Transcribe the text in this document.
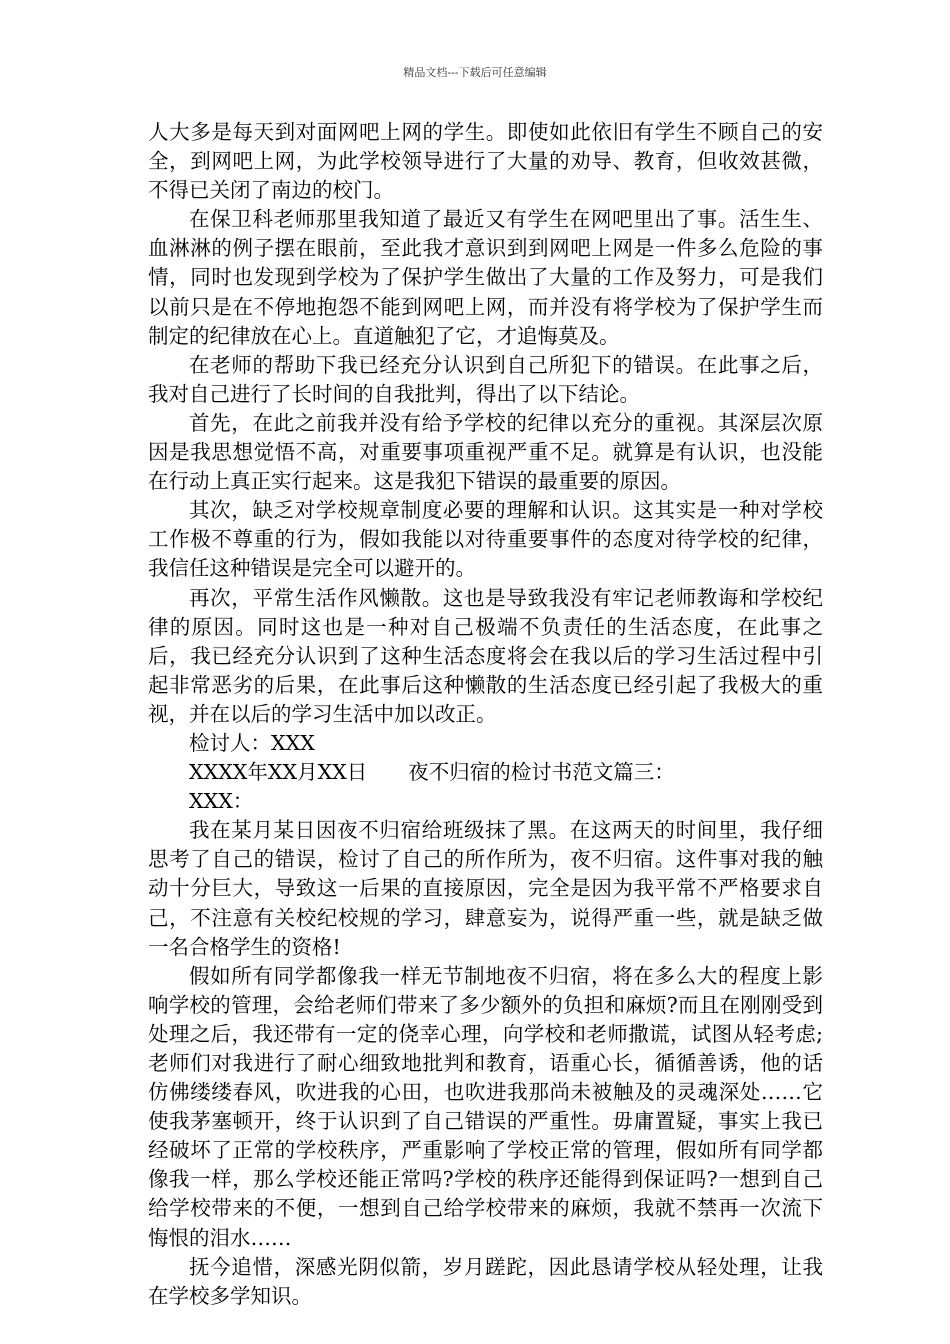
精品文档---下载后可任意编辑

人大多是每天到对面网吧上网的学生。即使如此依旧有学生不顾自己的安全，到网吧上网，为此学校领导进行了大量的劝导、教育，但收效甚微，不得已关闭了南边的校门。

在保卫科老师那里我知道了最近又有学生在网吧里出了事。活生生、血淋淋的例子摆在眼前，至此我才意识到到网吧上网是一件多么危险的事情，同时也发现到学校为了保护学生做出了大量的工作及努力，可是我们以前只是在不停地抱怨不能到网吧上网，而并没有将学校为了保护学生而制定的纪律放在心上。直道触犯了它，才追悔莫及。

在老师的帮助下我已经充分认识到自己所犯下的错误。在此事之后，我对自己进行了长时间的自我批判，得出了以下结论。

首先，在此之前我并没有给予学校的纪律以充分的重视。其深层次原因是我思想觉悟不高，对重要事项重视严重不足。就算是有认识，也没能在行动上真正实行起来。这是我犯下错误的最重要的原因。

其次，缺乏对学校规章制度必要的理解和认识。这其实是一种对学校工作极不尊重的行为，假如我能以对待重要事件的态度对待学校的纪律，我信任这种错误是完全可以避开的。

再次，平常生活作风懒散。这也是导致我没有牢记老师教诲和学校纪律的原因。同时这也是一种对自己极端不负责任的生活态度，在此事之后，我已经充分认识到了这种生活态度将会在我以后的学习生活过程中引起非常恶劣的后果，在此事后这种懒散的生活态度已经引起了我极大的重视，并在以后的学习生活中加以改正。

检讨人：XXX

XXXX年XX月XX日　　夜不归宿的检讨书范文篇三：

XXX：

我在某月某日因夜不归宿给班级抹了黑。在这两天的时间里，我仔细思考了自己的错误，检讨了自己的所作所为，夜不归宿。这件事对我的触动十分巨大，导致这一后果的直接原因，完全是因为我平常不严格要求自己，不注意有关校纪校规的学习，肆意妄为，说得严重一些，就是缺乏做一名合格学生的资格!

假如所有同学都像我一样无节制地夜不归宿，将在多么大的程度上影响学校的管理，会给老师们带来了多少额外的负担和麻烦?而且在刚刚受到处理之后，我还带有一定的侥幸心理，向学校和老师撒谎，试图从轻考虑;老师们对我进行了耐心细致地批判和教育，语重心长，循循善诱，他的话仿佛缕缕春风，吹进我的心田，也吹进我那尚未被触及的灵魂深处……它使我茅塞顿开，终于认识到了自己错误的严重性。毋庸置疑，事实上我已经破坏了正常的学校秩序，严重影响了学校正常的管理，假如所有同学都像我一样，那么学校还能正常吗?学校的秩序还能得到保证吗?一想到自己给学校带来的不便，一想到自己给学校带来的麻烦，我就不禁再一次流下悔恨的泪水……

抚今追惜，深感光阴似箭，岁月蹉跎，因此恳请学校从轻处理，让我在学校多学知识。
